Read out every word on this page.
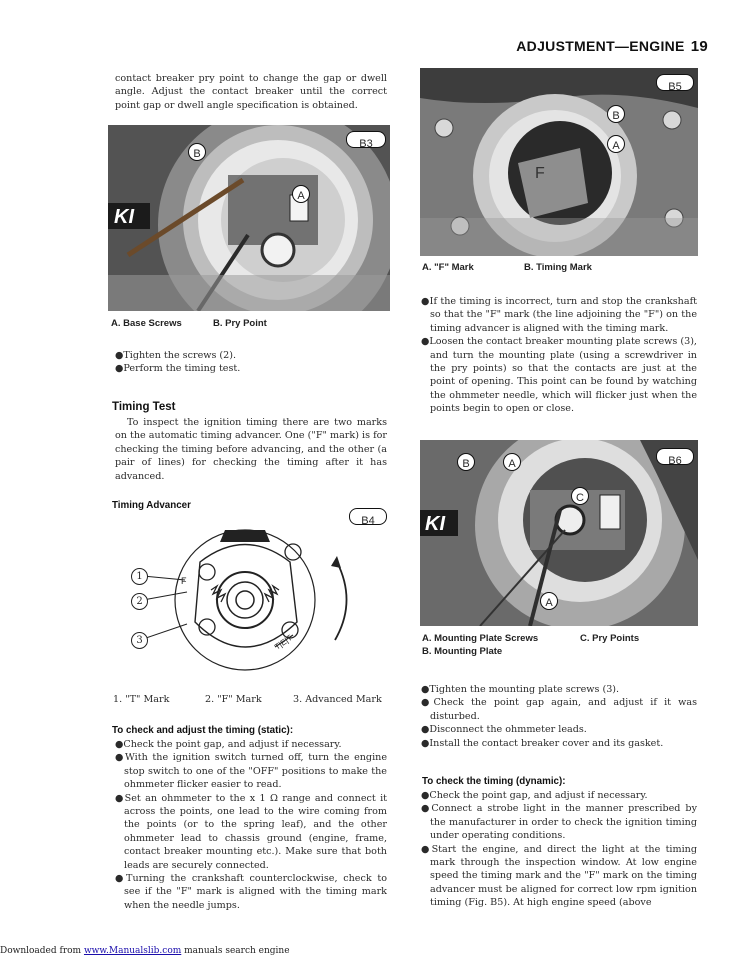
ADJUSTMENT—ENGINE 19

contact breaker pry point to change the gap or dwell angle. Adjust the contact breaker until the correct point gap or dwell angle specification is obtained.

KI
B3
B
A
A. Base Screws	B. Pry Point

●Tighten the screws (2).

●Perform the timing test.

Timing Test

To inspect the ignition timing there are two marks on the automatic timing advancer. One ("F" mark) is for checking the timing before advancing, and the other (a pair of lines) for checking the timing after it has advanced.

Timing Advancer
B4
F
T|E|T
1
2
3
1. "T" Mark	2. "F" Mark	3. Advanced Mark
To check and adjust the timing (static):

●Check the point gap, and adjust if necessary.

●With the ignition switch turned off, turn the engine stop switch to one of the "OFF" positions to make the ohmmeter flicker easier to read.

●Set an ohmmeter to the x 1 Ω range and connect it across the points, one lead to the wire coming from the points (or to the spring leaf), and the other ohmmeter lead to chassis ground (engine, frame, contact breaker mounting etc.). Make sure that both leads are securely connected.

●Turning the crankshaft counterclockwise, check to see if the "F" mark is aligned with the timing mark when the needle jumps.

F
B5
B
A
A. "F" Mark	B. Timing Mark

●If the timing is incorrect, turn and stop the crankshaft so that the "F" mark (the line adjoining the "F") on the timing advancer is aligned with the timing mark.

●Loosen the contact breaker mounting plate screws (3), and turn the mounting plate (using a screwdriver in the pry points) so that the contacts are just at the point of opening. This point can be found by watching the ohmmeter needle, which will flicker just when the points begin to open or close.

KI
B6
B	A
C
A
A. Mounting Plate Screws	C. Pry Points
B. Mounting Plate

●Tighten the mounting plate screws (3).

●Check the point gap again, and adjust if it was disturbed.

●Disconnect the ohmmeter leads.

●Install the contact breaker cover and its gasket.

To check the timing (dynamic):

●Check the point gap, and adjust if necessary.

●Connect a strobe light in the manner prescribed by the manufacturer in order to check the ignition timing under operating conditions.

●Start the engine, and direct the light at the timing mark through the inspection window. At low engine speed the timing mark and the "F" mark on the timing advancer must be aligned for correct low rpm ignition timing (Fig. B5). At high engine speed (above

Downloaded from www.Manualslib.com manuals search engine
